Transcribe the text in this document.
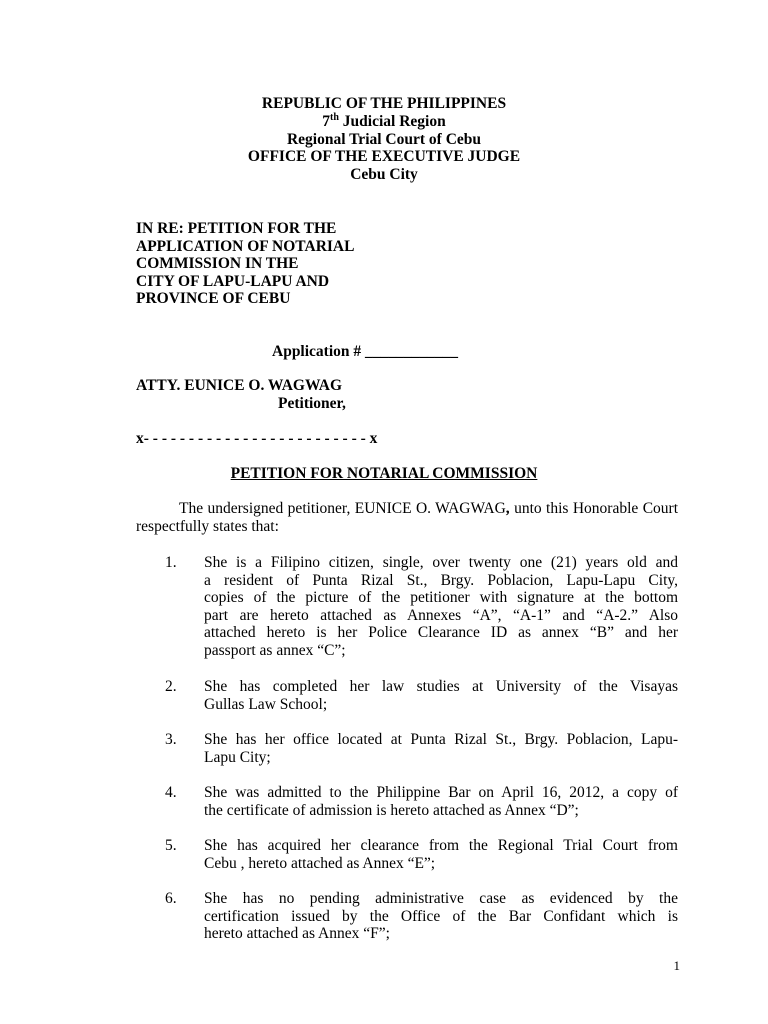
REPUBLIC OF THE PHILIPPINES
7th Judicial Region
Regional Trial Court of Cebu
OFFICE OF THE EXECUTIVE JUDGE
Cebu City
IN RE: PETITION FOR THE
APPLICATION OF NOTARIAL
COMMISSION IN THE
CITY OF LAPU-LAPU AND
PROVINCE OF CEBU
Application # ____________
ATTY. EUNICE O. WAGWAG
Petitioner,
x- - - - - - - - - - - - - - - - - - - - - - - - - x
PETITION FOR NOTARIAL COMMISSION
The undersigned petitioner, EUNICE O. WAGWAG, unto this Honorable Court respectfully states that:
1.	She is a Filipino citizen, single, over twenty one (21) years old and
a resident of Punta Rizal St., Brgy. Poblacion, Lapu-Lapu City,
copies of the picture of the petitioner with signature at the bottom
part are hereto attached as Annexes “A”, “A-1” and “A-2.” Also
attached hereto is her Police Clearance ID as annex “B” and her
passport as annex “C”;
2.	She has completed her law studies at University of the Visayas
Gullas Law School;
3.	She has her office located at Punta Rizal St., Brgy. Poblacion, Lapu-
Lapu City;
4.	She was admitted to the Philippine Bar on April 16, 2012, a copy of
the certificate of admission is hereto attached as Annex “D”;
5.	She has acquired her clearance from the Regional Trial Court from
Cebu , hereto attached as Annex “E”;
6.	She has no pending administrative case as evidenced by the
certification issued by the Office of the Bar Confidant which is
hereto attached as Annex “F”;
1
